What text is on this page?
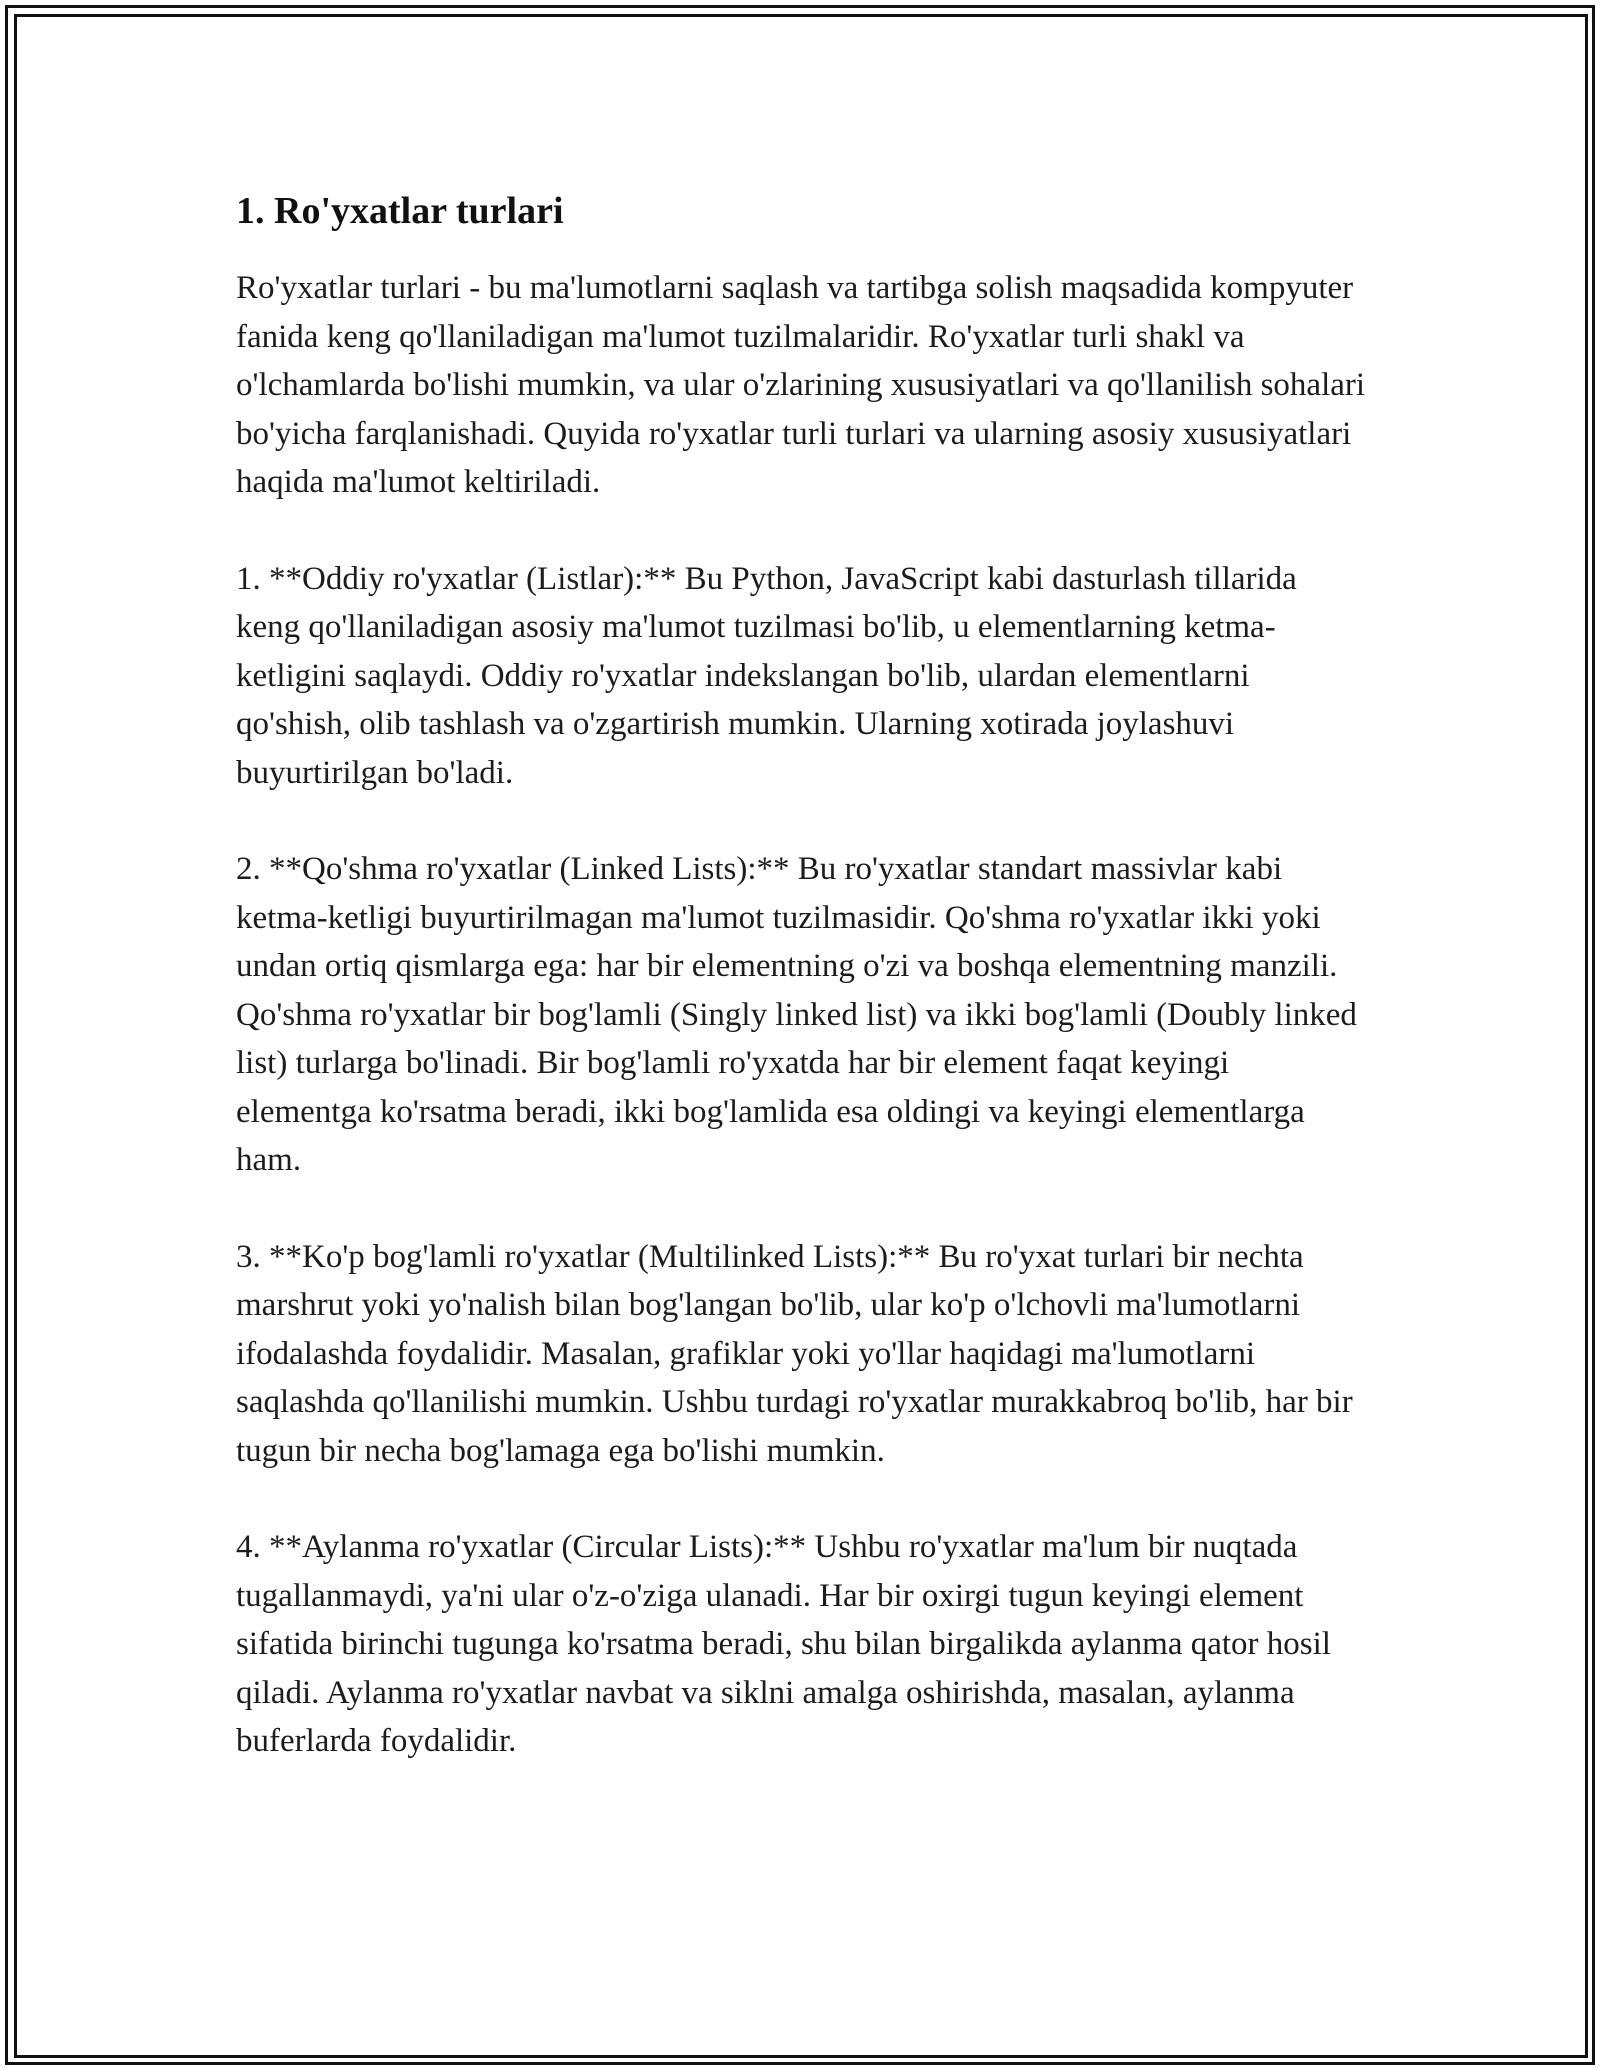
1. Ro'yxatlar turlari

Ro'yxatlar turlari - bu ma'lumotlarni saqlash va tartibga solish maqsadida kompyuter fanida keng qo'llaniladigan ma'lumot tuzilmalaridir. Ro'yxatlar turli shakl va o'lchamlarda bo'lishi mumkin, va ular o'zlarining xususiyatlari va qo'llanilish sohalari bo'yicha farqlanishadi. Quyida ro'yxatlar turli turlari va ularning asosiy xususiyatlari haqida ma'lumot keltiriladi.

1. **Oddiy ro'yxatlar (Listlar):** Bu Python, JavaScript kabi dasturlash tillarida keng qo'llaniladigan asosiy ma'lumot tuzilmasi bo'lib, u elementlarning ketma-ketligini saqlaydi. Oddiy ro'yxatlar indekslangan bo'lib, ulardan elementlarni qo'shish, olib tashlash va o'zgartirish mumkin. Ularning xotirada joylashuvi buyurtirilgan bo'ladi.

2. **Qo'shma ro'yxatlar (Linked Lists):** Bu ro'yxatlar standart massivlar kabi ketma-ketligi buyurtirilmagan ma'lumot tuzilmasidir. Qo'shma ro'yxatlar ikki yoki undan ortiq qismlarga ega: har bir elementning o'zi va boshqa elementning manzili. Qo'shma ro'yxatlar bir bog'lamli (Singly linked list) va ikki bog'lamli (Doubly linked list) turlarga bo'linadi. Bir bog'lamli ro'yxatda har bir element faqat keyingi elementga ko'rsatma beradi, ikki bog'lamlida esa oldingi va keyingi elementlarga ham.

3. **Ko'p bog'lamli ro'yxatlar (Multilinked Lists):** Bu ro'yxat turlari bir nechta marshrut yoki yo'nalish bilan bog'langan bo'lib, ular ko'p o'lchovli ma'lumotlarni ifodalashda foydalidir. Masalan, grafiklar yoki yo'llar haqidagi ma'lumotlarni saqlashda qo'llanilishi mumkin. Ushbu turdagi ro'yxatlar murakkabroq bo'lib, har bir tugun bir necha bog'lamaga ega bo'lishi mumkin.

4. **Aylanma ro'yxatlar (Circular Lists):** Ushbu ro'yxatlar ma'lum bir nuqtada tugallanmaydi, ya'ni ular o'z-o'ziga ulanadi. Har bir oxirgi tugun keyingi element sifatida birinchi tugunga ko'rsatma beradi, shu bilan birgalikda aylanma qator hosil qiladi. Aylanma ro'yxatlar navbat va siklni amalga oshirishda, masalan, aylanma buferlarda foydalidir.
